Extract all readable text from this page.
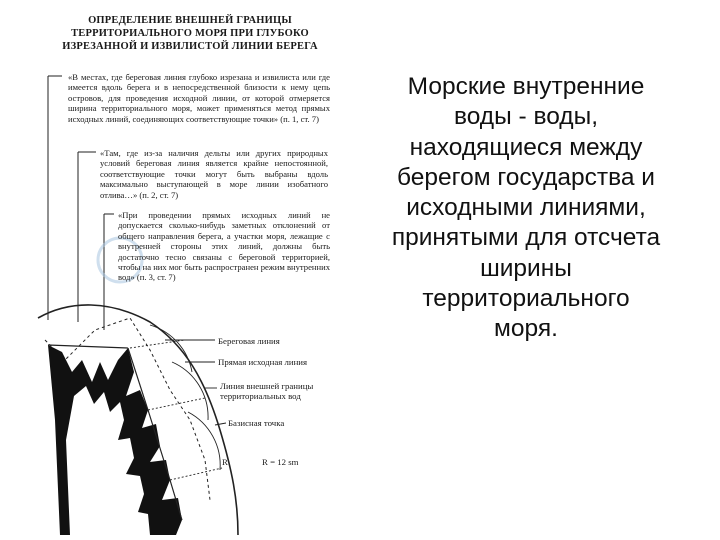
ОПРЕДЕЛЕНИЕ ВНЕШНЕЙ ГРАНИЦЫ
ТЕРРИТОРИАЛЬНОГО МОРЯ ПРИ ГЛУБОКО
ИЗРЕЗАННОЙ И ИЗВИЛИСТОЙ ЛИНИИ БЕРЕГА
«В местах, где береговая линия глубоко изрезана и извилиста или где имеется вдоль берега и в непосредственной близости к нему цепь островов, для проведения исходной линии, от которой отмеряется ширина территориального моря, может применяться метод прямых исходных линий, соединяющих соответствующие точки» (п. 1, ст. 7)
«Там, где из-за наличия дельты или других природных условий береговая линия является крайне непостоянной, соответствующие точки могут быть выбраны вдоль максимально выступающей в море линии изобатного отлива…» (п. 2, ст. 7)
«При проведении прямых исходных линий не допускается сколько-нибудь заметных отклонений от общего направления берега, а участки моря, лежащие с внутренней стороны этих линий, должны быть достаточно тесно связаны с береговой территорией, чтобы на них мог быть распространен режим внутренних вод» (п. 3, ст. 7)
Береговая линия
Прямая исходная линия
Линия внешней границы территориальных вод
Базисная точка
R	R = 12 sm
Морские внутренние воды - воды, находящиеся между берегом государства и исходными линиями, принятыми для отсчета ширины территориального моря.
